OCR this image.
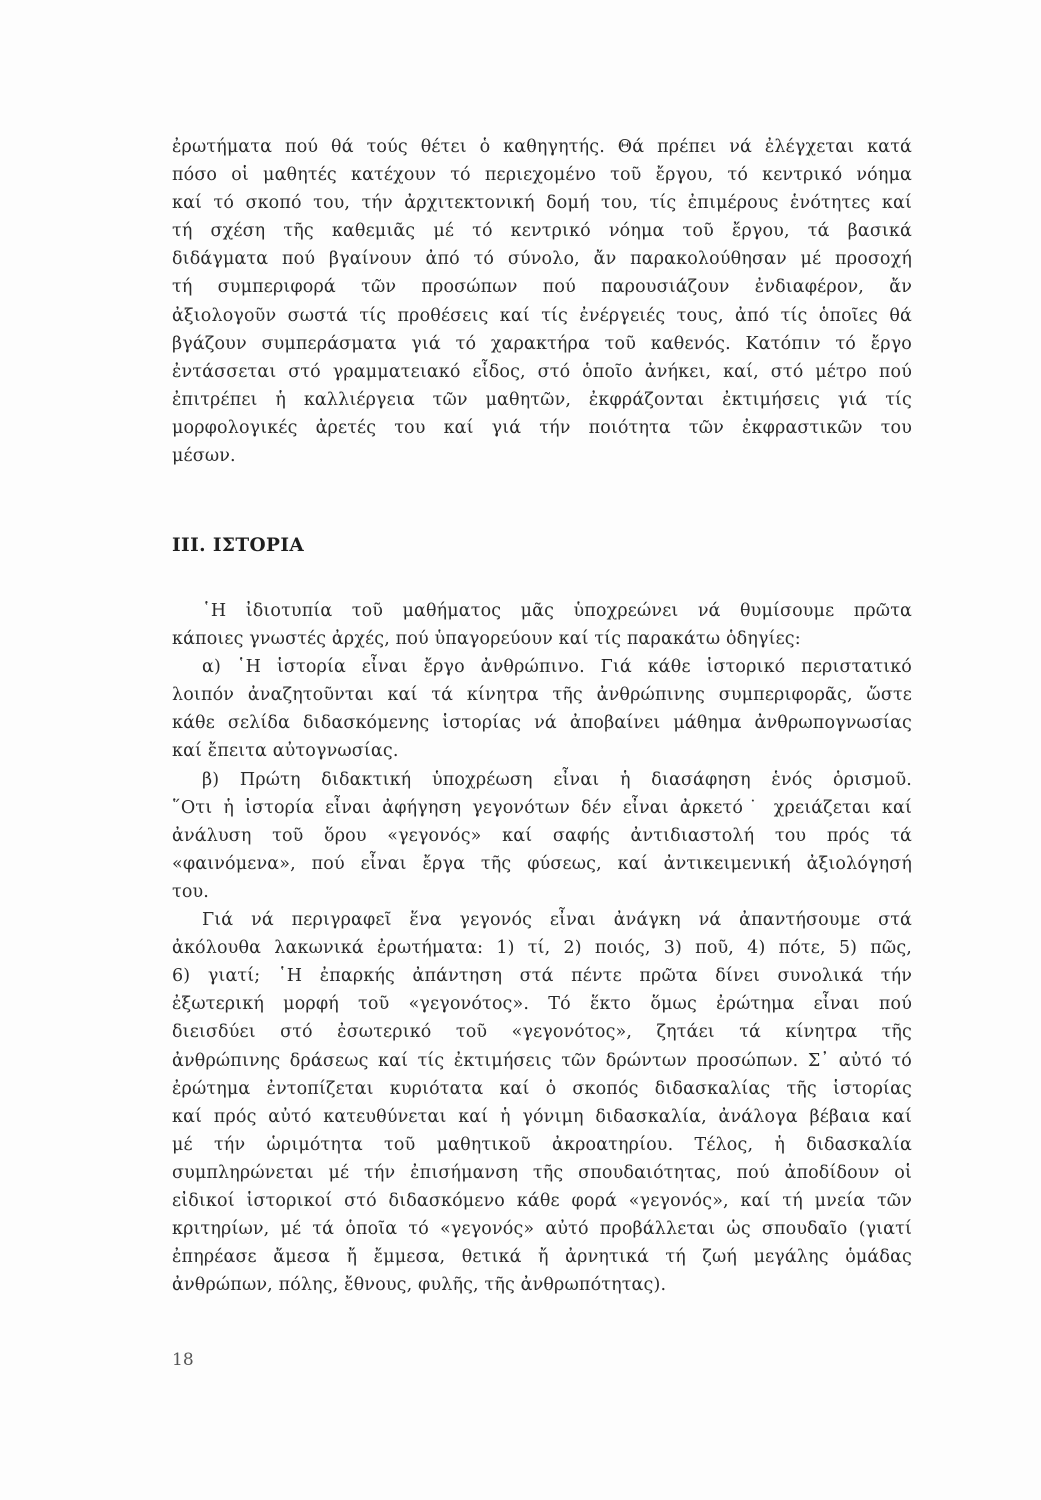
ἐρωτήματα πού θά τούς θέτει ὁ καθηγητής. Θά πρέπει νά ἐλέγχεται κατά
πόσο οἱ μαθητές κατέχουν τό περιεχομένο τοῦ ἔργου, τό κεντρικό νόημα
καί τό σκοπό του, τήν ἀρχιτεκτονική δομή του, τίς ἐπιμέρους ἑνότητες καί
τή σχέση τῆς καθεμιᾶς μέ τό κεντρικό νόημα τοῦ ἔργου, τά βασικά
διδάγματα πού βγαίνουν ἀπό τό σύνολο, ἄν παρακολούθησαν μέ προσοχή
τή συμπεριφορά τῶν προσώπων πού παρουσιάζουν ἐνδιαφέρον, ἄν
ἀξιολογοῦν σωστά τίς προθέσεις καί τίς ἐνέργειές τους, ἀπό τίς ὁποῖες θά
βγάζουν συμπεράσματα γιά τό χαρακτήρα τοῦ καθενός. Κατόπιν τό ἔργο
ἐντάσσεται στό γραμματειακό εἶδος, στό ὁποῖο ἀνήκει, καί, στό μέτρο πού
ἐπιτρέπει ἡ καλλιέργεια τῶν μαθητῶν, ἐκφράζονται ἐκτιμήσεις γιά τίς
μορφολογικές ἀρετές του καί γιά τήν ποιότητα τῶν ἐκφραστικῶν του
μέσων.
III. ΙΣΤΟΡΙΑ
῾Η ἰδιοτυπία τοῦ μαθήματος μᾶς ὑποχρεώνει νά θυμίσουμε πρῶτα
κάποιες γνωστές ἀρχές, πού ὑπαγορεύουν καί τίς παρακάτω ὁδηγίες:
α) ῾Η ἱστορία εἶναι ἔργο ἀνθρώπινο. Γιά κάθε ἱστορικό περιστατικό
λοιπόν ἀναζητοῦνται καί τά κίνητρα τῆς ἀνθρώπινης συμπεριφορᾶς, ὥστε
κάθε σελίδα διδασκόμενης ἱστορίας νά ἀποβαίνει μάθημα ἀνθρωπογνωσίας
καί ἔπειτα αὐτογνωσίας.
β) Πρώτη διδακτική ὑποχρέωση εἶναι ἡ διασάφηση ἑνός ὁρισμοῦ.
῞Οτι ἡ ἱστορία εἶναι ἀφήγηση γεγονότων δέν εἶναι ἀρκετό˙ χρειάζεται καί
ἀνάλυση τοῦ ὅρου «γεγονός» καί σαφής ἀντιδιαστολή του πρός τά
«φαινόμενα», πού εἶναι ἔργα τῆς φύσεως, καί ἀντικειμενική ἀξιολόγησή
του.
Γιά νά περιγραφεῖ ἕνα γεγονός εἶναι ἀνάγκη νά ἀπαντήσουμε στά
ἀκόλουθα λακωνικά ἐρωτήματα: 1) τί, 2) ποιός, 3) ποῦ, 4) πότε, 5) πῶς,
6) γιατί; ῾Η ἐπαρκής ἀπάντηση στά πέντε πρῶτα δίνει συνολικά τήν
ἐξωτερική μορφή τοῦ «γεγονότος». Τό ἕκτο ὅμως ἐρώτημα εἶναι πού
διεισδύει στό ἐσωτερικό τοῦ «γεγονότος», ζητάει τά κίνητρα τῆς
ἀνθρώπινης δράσεως καί τίς ἐκτιμήσεις τῶν δρώντων προσώπων. Σ᾽ αὐτό τό
ἐρώτημα ἐντοπίζεται κυριότατα καί ὁ σκοπός διδασκαλίας τῆς ἱστορίας
καί πρός αὐτό κατευθύνεται καί ἡ γόνιμη διδασκαλία, ἀνάλογα βέβαια καί
μέ τήν ὡριμότητα τοῦ μαθητικοῦ ἀκροατηρίου. Τέλος, ἡ διδασκαλία
συμπληρώνεται μέ τήν ἐπισήμανση τῆς σπουδαιότητας, πού ἀποδίδουν οἱ
εἰδικοί ἱστορικοί στό διδασκόμενο κάθε φορά «γεγονός», καί τή μνεία τῶν
κριτηρίων, μέ τά ὁποῖα τό «γεγονός» αὐτό προβάλλεται ὡς σπουδαῖο (γιατί
ἐπηρέασε ἄμεσα ἤ ἔμμεσα, θετικά ἤ ἀρνητικά τή ζωή μεγάλης ὁμάδας
ἀνθρώπων, πόλης, ἔθνους, φυλῆς, τῆς ἀνθρωπότητας).
18
